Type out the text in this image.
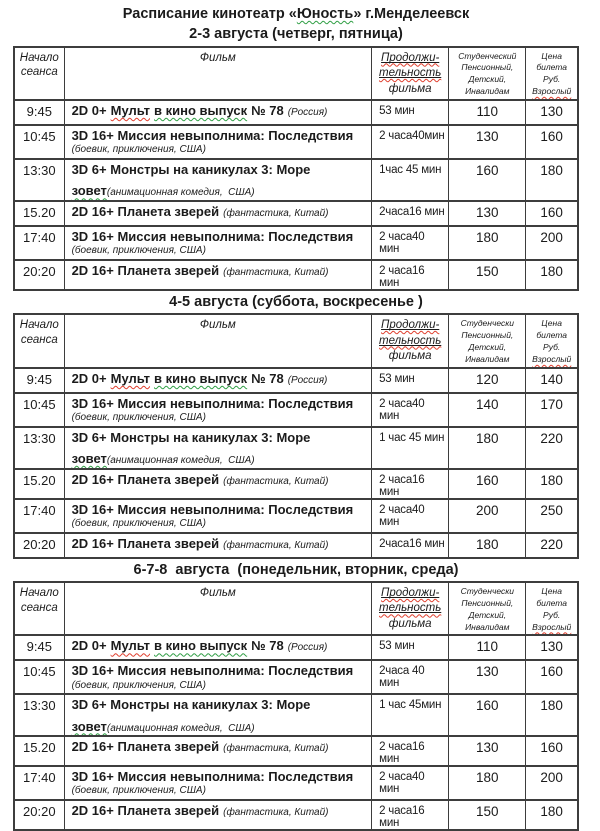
Расписание кинотеатр «Юность» г.Менделеевск
2-3 августа (четверг, пятница)
Начало
сеанса
	Фильм	Продолжи-
тельность
фильма

Студенческий
Пенсионный,
Детский,
Инвалидам

Цена
билета
Руб.
Взрослый

9:45	2D 0+ Мульт в кино выпуск № 78 (Россия)	53 мин	110	130
10:45	3D 16+ Миссия невыполнима: Последствия
(боевик, приключения, США)	2 часа40мин	130	160
13:30	3D 6+ Монстры на каникулах 3: Море
зовет(анимационная комедия,  США)	1час 45 мин	160	180
15.20	2D 16+ Планета зверей (фантастика, Китай)	2часа16 мин	130	160
17:40	3D 16+ Миссия невыполнима: Последствия
(боевик, приключения, США)	2 часа40 мин	180	200
20:20	2D 16+ Планета зверей (фантастика, Китай)	2 часа16 мин	150	180
4-5 августа (суббота, воскресенье )
Начало
сеанса
	Фильм	Продолжи-
тельность
фильма

Студенчески
Пенсионный,
Детский,
Инвалидам

Цена
билета
Руб.
Взрослый

9:45	2D 0+ Мульт в кино выпуск № 78 (Россия)	53 мин	120	140
10:45	3D 16+ Миссия невыполнима: Последствия
(боевик, приключения, США)	2 часа40 мин	140	170
13:30	3D 6+ Монстры на каникулах 3: Море
зовет(анимационная комедия,  США)	1 час 45 мин	180	220
15.20	2D 16+ Планета зверей (фантастика, Китай)	2 часа16 мин	160	180
17:40	3D 16+ Миссия невыполнима: Последствия
(боевик, приключения, США)	2 часа40 мин	200	250
20:20	2D 16+ Планета зверей (фантастика, Китай)	2часа16 мин	180	220
6-7-8  августа  (понедельник, вторник, среда)
Начало
сеанса
	Фильм	Продолжи-
тельность
фильма

Студенчески
Пенсионный,
Детский,
Инвалидам

Цена
билета
Руб.
Взрослый

9:45	2D 0+ Мульт в кино выпуск № 78 (Россия)	53 мин	110	130
10:45	3D 16+ Миссия невыполнима: Последствия
(боевик, приключения, США)	2часа 40 мин	130	160
13:30	3D 6+ Монстры на каникулах 3: Море
зовет(анимационная комедия,  США)	1 час 45мин	160	180
15.20	2D 16+ Планета зверей (фантастика, Китай)	2 часа16 мин	130	160
17:40	3D 16+ Миссия невыполнима: Последствия
(боевик, приключения, США)	2 часа40 мин	180	200
20:20	2D 16+ Планета зверей (фантастика, Китай)	2 часа16 мин	150	180
